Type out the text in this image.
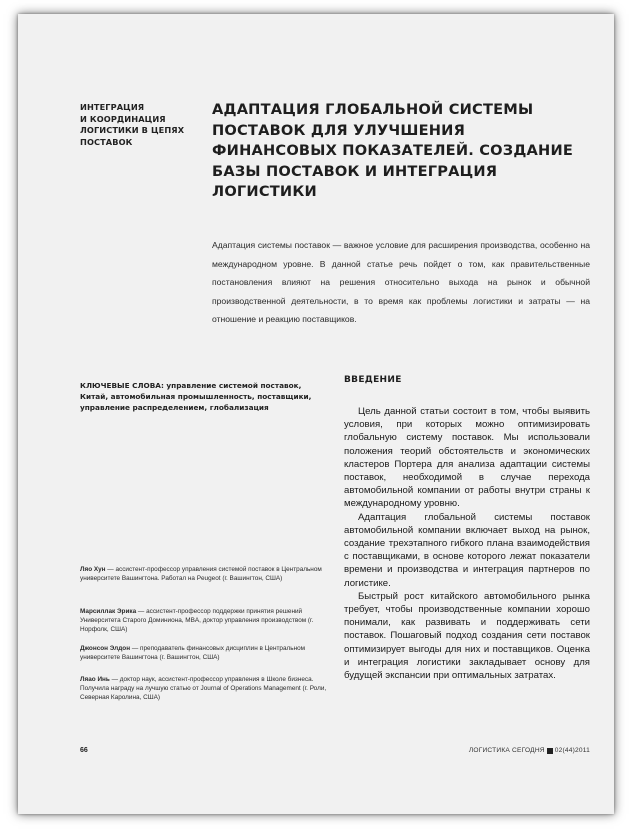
ИНТЕГРАЦИЯ
И КООРДИНАЦИЯ
ЛОГИСТИКИ В ЦЕПЯХ
ПОСТАВОК
АДАПТАЦИЯ ГЛОБАЛЬНОЙ СИСТЕМЫ ПОСТАВОК ДЛЯ УЛУЧШЕНИЯ ФИНАНСОВЫХ ПОКАЗАТЕЛЕЙ. СОЗДАНИЕ БАЗЫ ПОСТАВОК И ИНТЕГРАЦИЯ ЛОГИСТИКИ
Адаптация системы поставок — важное условие для расширения производства, особенно на международном уровне. В данной статье речь пойдет о том, как правительственные постановления влияют на решения относительно выхода на рынок и обычной производственной деятельности, в то время как проблемы логистики и затраты — на отношение и реакцию поставщиков.
КЛЮЧЕВЫЕ СЛОВА: управление системой поставок, Китай, автомобильная промышленность, поставщики, управление распределением, глобализация
ВВЕДЕНИЕ

Цель данной статьи состоит в том, чтобы выявить условия, при которых можно оптимизировать глобальную систему поставок. Мы использовали положения теорий обстоятельств и экономических кластеров Портера для анализа адаптации системы поставок, необходимой в случае перехода автомобильной компании от работы внутри страны к международному уровню.

Адаптация глобальной системы поставок автомобильной компании включает выход на рынок, создание трехэтапного гибкого плана взаимодействия с поставщиками, в основе которого лежат показатели времени и производства и интеграция партнеров по логистике.

Быстрый рост китайского автомобильного рынка требует, чтобы производственные компании хорошо понимали, как развивать и поддерживать сети поставок. Пошаговый подход создания сети поставок оптимизирует выгоды для них и поставщиков. Оценка и интеграция логистики закладывает основу для будущей экспансии при оптимальных затратах.

Ляо Хун — ассистент-профессор управления системой поставок в Центральном университете Вашингтона. Работал на Peugeot (г. Вашингтон, США)
Марсиллак Эрика — ассистент-профессор поддержки принятия решений Университета Старого Доминиона, MBA, доктор управления производством (г. Норфолк, США)
Джонсон Элдон — преподаватель финансовых дисциплин в Центральном университете Вашингтона (г. Вашингтон, США)
Ляао Инь — доктор наук, ассистент-профессор управления в Школе бизнеса. Получила награду на лучшую статью от Journal of Operations Management (г. Роли, Северная Каролина, США)
66	ЛОГИСТИКА СЕГОДНЯ 02(44)2011
